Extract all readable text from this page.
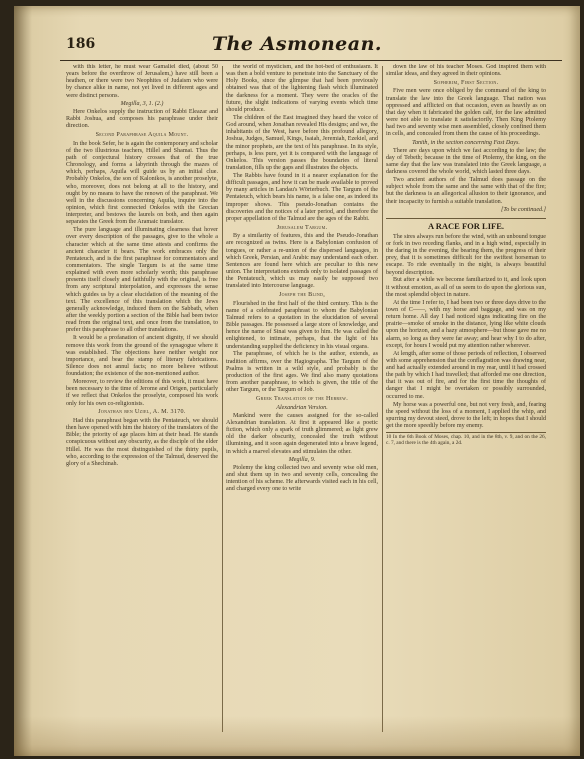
186	The Asmonean.

with this letter, he must wear Gamaliel died, (about 50 years before the overthrow of Jerusalem,) have still been a heathen, or there were two Neophites of Judaism who were by chance alike in name, not yet lived in different ages and were distinct persons.

Megilla, 3, 1. (2.)

Here Onkelos supply the instruction of Rabbi Eleazar and Rabbi Joshua, and composes his paraphrase under their direction.

Second Paraphrase Aquila Mount.

In the book Sefer, he is again the contemporary and scholar of the two illustrious teachers, Hillel and Shamai. Thus the path of conjectural history crosses that of the true Chronology, and forms a labyrinth through the mazes of which, perhaps, Aquila will guide us by an initial clue. Probably Onkelos, the son of Kalonikos, is another proselyte, who, moreover, does not belong at all to the history, and ought by no means to have the renown of the paraphrast. We well in the discussions concerning Aquila, inquire into the opinion, which first connected Onkelos with the Grecian interpreter, and bestows the laurels on both, and then again separates the Greek from the Aramaic translator.

The pure language and illuminating clearness that hover over every description of the passages, give to the whole a character which at the same time attests and confirms the ancient character it bears. The work embraces only the Pentateuch, and is the first paraphrase for commentators and commentators. The single Targum is at the same time explained with even more scholarly worth; this paraphrase presents itself closely and faithfully with the original, is free from any scriptural interpolation, and expresses the sense which guides us by a clear elucidation of the meaning of the text. The excellence of this translation which the Jews generally acknowledge, induced them on the Sabbath, when after the weekly portion a section of the Bible had been twice read from the original text, and once from the translation, to prefer this paraphrase to all other translations.

It would be a profanation of ancient dignity, if we should remove this work from the ground of the synagogue where it was established. The objections have neither weight nor importance, and bear the stamp of literary fabrications. Silence does not annul facts; no more believe without foundation; the existence of the non-mentioned author.

Moreover, to review the editions of this work, it must have been necessary to the time of Jerome and Origen, particularly if we reflect that Onkelos the proselyte, composed his work only for his own co-religionists.

Jonathan ben Uziel, A. M. 3170.

Had this paraphrast began with the Pentateuch, we should then have opened with him the history of the translators of the Bible; the priority of age places him at their head. He stands conspicuous without any obscurity, as the disciple of the elder Hillel. He was the most distinguished of the thirty pupils, who, according to the expression of the Talmud, deserved the glory of a Shechinah.

the world of mysticism, and the hot-bed of enthusiasm. It was then a bold venture to penetrate into the Sanctuary of the Holy Books, since the glimpse that had been previously obtained was that of the lightening flash which illuminated the darkness for a moment. They were the oracles of the future, the slight indications of varying events which time should produce.

The children of the East imagined they heard the voice of God around, when Jonathan revealed His designs; and we, the inhabitants of the West, have before this profound allegory, Joshua, Judges, Samuel, Kings, Isaiah, Jeremiah, Ezekiel, and the minor prophets, are the text of his paraphrase. In its style, perhaps, is less pure, yet it is compared with the language of Onkelos. This version passes the boundaries of literal translation, fills up the gaps and illustrates the objects.

The Rabbis have found in it a nearer explanation for the difficult passages, and how it can be made available to proved by many articles in Landau's Wörterbuch. The Targum of the Pentateuch, which bears his name, is a false one, as indeed its improper shows. This pseudo-Jonathan contains the discoveries and the notices of a later period, and therefore the proper appellation of the Talmud are the ages of the Rabbi.

Jerusalem Targum.

By a similarity of features, this and the Pseudo-Jonathan are recognized as twins. Here is a Babylonian confusion of tongues, or rather a re-union of the dispersed languages, in which Greek, Persian, and Arabic may understand each other. Sentences are found here which are peculiar to this new union. The interpretations extends only to isolated passages of the Pentateuch, which us may easily be supposed two translated into Intercourse language.

Joseph the Blind,

Flourished in the first half of the third century. This is the name of a celebrated paraphrast to whom the Babylonian Talmud refers to a quotation in the elucidation of several Bible passages. He possessed a large store of knowledge, and hence the name of Sinai was given to him. He was called the enlightened, to intimate, perhaps, that the light of his understanding supplied the deficiency in his visual organs.

The paraphrase, of which he is the author, extends, as tradition affirms, over the Hagiographa. The Targum of the Psalms is written in a wild style, and probably is the production of the first ages. We find also many quotations from another paraphrase, to which is given, the title of the other Targum, or the Targum of Job.

Greek Translation of the Hebrew.

Alexandrian Version.

Mankind were the causes assigned for the so-called Alexandrian translation. At first it appeared like a poetic fiction, which only a spark of truth glimmered; as light grew old the darker obscurity, concealed the truth without illumining, and it soon again degenerated into a brave legend, in which a marvel elevates and stimulates the other.

Megilla, 9.

Ptolemy the king collected two and seventy wise old men, and shut them up in two and seventy cells, concealing the intention of his scheme. He afterwards visited each in his cell, and charged every one to write

down the law of his teacher Moses. God inspired them with similar ideas, and they agreed in their opinions.

Sopherim, First Section.

Five men were once obliged by the command of the king to translate the law into the Greek language. That nation was oppressed and afflicted on that occasion, even as heavily as on that day when it fabricated the golden calf, for the law admitted were not able to translate it satisfactorily. Then King Ptolemy had two and seventy wise men assembled, closely confined them in cells, and concealed from them the cause of his proceedings.

Tanith, in the section concerning Fast Days.

There are days upon which we fast according to the law; the day of Tebeth; because in the time of Ptolemy, the king, on the same day that the law was translated into the Greek language, a darkness covered the whole world, which lasted three days.

Two ancient authors of the Talmud does passage on the subject whole from the same and the same with that of the fire; but the darkness is an allegorical allusion to their ignorance, and their incapacity to furnish a suitable translation.

[To be continued.]

A RACE FOR LIFE.

The sires always run before the wind, with an unbound tongue or fork in two receding flanks, and in a high wind, especially in the daring in the evening, the bearing them, the progress of their prey, that it is sometimes difficult for the swiftest horseman to escape. To ride eventually in the night, is always beautiful beyond description.

But after a while we become familiarized to it, and look upon it without emotion, as all of us seem to do upon the glorious sun, the most splendid object in nature.

At the time I refer to, I had been two or three days drive to the town of C——, with my horse and baggage, and was on my return home. All day I had noticed signs indicating fire on the prairie—smoke of smoke in the distance, lying like white clouds upon the horizon, and a hazy atmosphere—but those gave me no alarm, so long as they were far away; and hear why I to do after, except, for hours I would put my attention rather wherever.

At length, after some of those periods of reflection, I observed with some apprehension that the conflagration was drawing near, and had actually extended around in my rear, until it had crossed the path by which I had travelled; that afforded me one direction, that it was out of fire, and for the first time the thoughts of danger that I might be overtaken or possibly surrounded, occurred to me.

My horse was a powerful one, but not very fresh, and, fearing the speed without the loss of a moment, I applied the whip, and spurring my devout steed, drove to the left; in hopes that I should get the more speedily before my enemy.

10 In the 6th Book of Moses, chap. 10, and in the 8th, v. 9, and on the 26, c. 7, and there is the 4th again, a 2d.
